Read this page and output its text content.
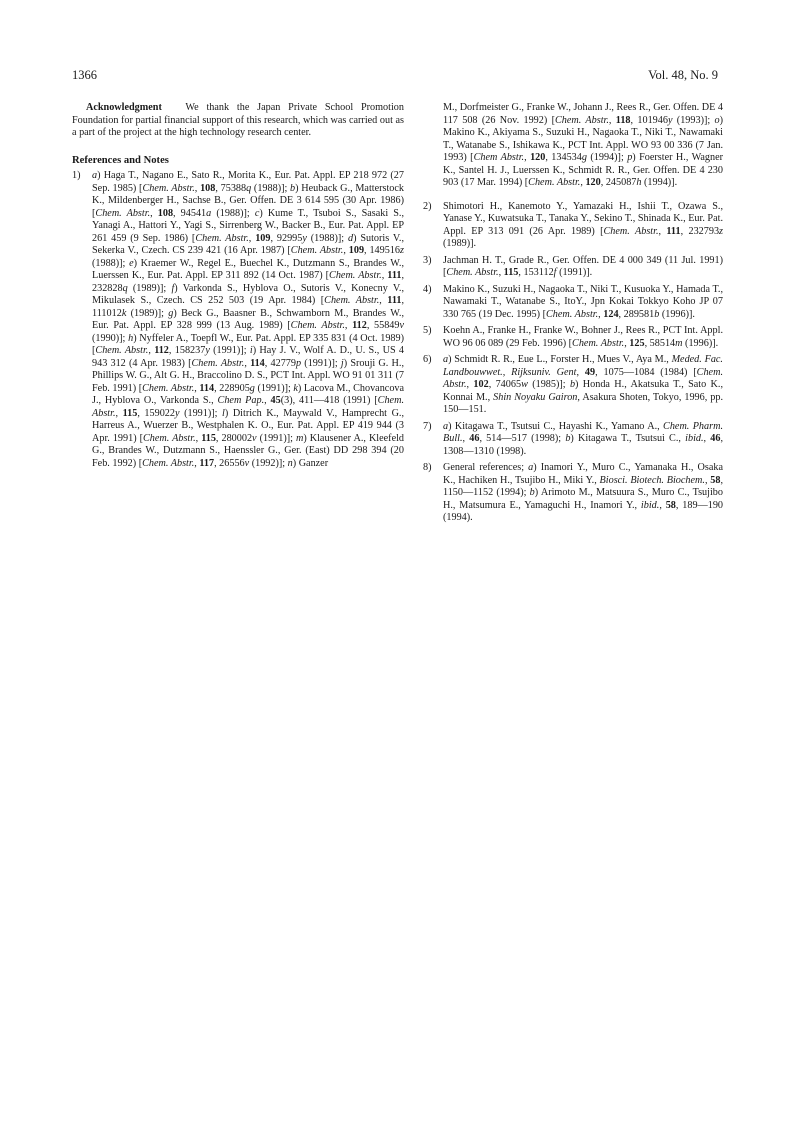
1366	Vol. 48, No. 9

Acknowledgment We thank the Japan Private School Promotion Foundation for partial financial support of this research, which was carried out as a part of the project at the high technology research center.

References and Notes

1) a) Haga T., Nagano E., Sato R., Morita K., Eur. Pat. Appl. EP 218 972 (27 Sep. 1985) [Chem. Abstr., 108, 75388q (1988)]; b) Heuback G., Matterstock K., Mildenberger H., Sachse B., Ger. Offen. DE 3 614 595 (30 Apr. 1986) [Chem. Abstr., 108, 94541a (1988)]; c) Kume T., Tsuboi S., Sasaki S., Yanagi A., Hattori Y., Yagi S., Sirrenberg W., Backer B., Eur. Pat. Appl. EP 261 459 (9 Sep. 1986) [Chem. Abstr., 109, 92995y (1988)]; d) Sutoris V., Sekerka V., Czech. CS 239 421 (16 Apr. 1987) [Chem. Abstr., 109, 149516z (1988)]; e) Kraemer W., Regel E., Buechel K., Dutzmann S., Brandes W., Luerssen K., Eur. Pat. Appl. EP 311 892 (14 Oct. 1987) [Chem. Abstr., 111, 232828q (1989)]; f) Varkonda S., Hyblova O., Sutoris V., Konecny V., Mikulasek S., Czech. CS 252 503 (19 Apr. 1984) [Chem. Abstr., 111, 111012k (1989)]; g) Beck G., Baasner B., Schwamborn M., Brandes W., Eur. Pat. Appl. EP 328 999 (13 Aug. 1989) [Chem. Abstr., 112, 55849v (1990)]; h) Nyffeler A., Toepfl W., Eur. Pat. Appl. EP 335 831 (4 Oct. 1989) [Chem. Abstr., 112, 158237y (1991)]; i) Hay J. V., Wolf A. D., U. S., US 4 943 312 (4 Apr. 1983) [Chem. Abstr., 114, 42779p (1991)]; j) Srouji G. H., Phillips W. G., Alt G. H., Braccolino D. S., PCT Int. Appl. WO 91 01 311 (7 Feb. 1991) [Chem. Abstr., 114, 228905g (1991)]; k) Lacova M., Chovancova J., Hyblova O., Varkonda S., Chem Pap., 45(3), 411—418 (1991) [Chem. Abstr., 115, 159022y (1991)]; l) Ditrich K., Maywald V., Hamprecht G., Harreus A., Wuerzer B., Westphalen K. O., Eur. Pat. Appl. EP 419 944 (3 Apr. 1991) [Chem. Abstr., 115, 280002v (1991)]; m) Klausener A., Kleefeld G., Brandes W., Dutzmann S., Haenssler G., Ger. (East) DD 298 394 (20 Feb. 1992) [Chem. Abstr., 117, 26556v (1992)]; n) Ganzer
M., Dorfmeister G., Franke W., Johann J., Rees R., Ger. Offen. DE 4 117 508 (26 Nov. 1992) [Chem. Abstr., 118, 101946y (1993)]; o) Makino K., Akiyama S., Suzuki H., Nagaoka T., Niki T., Nawamaki T., Watanabe S., Ishikawa K., PCT Int. Appl. WO 93 00 336 (7 Jan. 1993) [Chem Abstr., 120, 134534g (1994)]; p) Foerster H., Wagner K., Santel H. J., Luerssen K., Schmidt R. R., Ger. Offen. DE 4 230 903 (17 Mar. 1994) [Chem. Abstr., 120, 245087h (1994)].
2) Shimotori H., Kanemoto Y., Yamazaki H., Ishii T., Ozawa S., Yanase Y., Kuwatsuka T., Tanaka Y., Sekino T., Shinada K., Eur. Pat. Appl. EP 313 091 (26 Apr. 1989) [Chem. Abstr., 111, 232793z (1989)].
3) Jachman H. T., Grade R., Ger. Offen. DE 4 000 349 (11 Jul. 1991) [Chem. Abstr., 115, 153112f (1991)].
4) Makino K., Suzuki H., Nagaoka T., Niki T., Kusuoka Y., Hamada T., Nawamaki T., Watanabe S., ItoY., Jpn Kokai Tokkyo Koho JP 07 330 765 (19 Dec. 1995) [Chem. Abstr., 124, 289581b (1996)].
5) Koehn A., Franke H., Franke W., Bohner J., Rees R., PCT Int. Appl. WO 96 06 089 (29 Feb. 1996) [Chem. Abstr., 125, 58514m (1996)].
6) a) Schmidt R. R., Eue L., Forster H., Mues V., Aya M., Meded. Fac. Landbouwwet., Rijksuniv. Gent, 49, 1075—1084 (1984) [Chem. Abstr., 102, 74065w (1985)]; b) Honda H., Akatsuka T., Sato K., Konnai M., Shin Noyaku Gairon, Asakura Shoten, Tokyo, 1996, pp. 150—151.
7) a) Kitagawa T., Tsutsui C., Hayashi K., Yamano A., Chem. Pharm. Bull., 46, 514—517 (1998); b) Kitagawa T., Tsutsui C., ibid., 46, 1308—1310 (1998).
8) General references; a) Inamori Y., Muro C., Yamanaka H., Osaka K., Hachiken H., Tsujibo H., Miki Y., Biosci. Biotech. Biochem., 58, 1150—1152 (1994); b) Arimoto M., Matsuura S., Muro C., Tsujibo H., Matsumura E., Yamaguchi H., Inamori Y., ibid., 58, 189—190 (1994).
